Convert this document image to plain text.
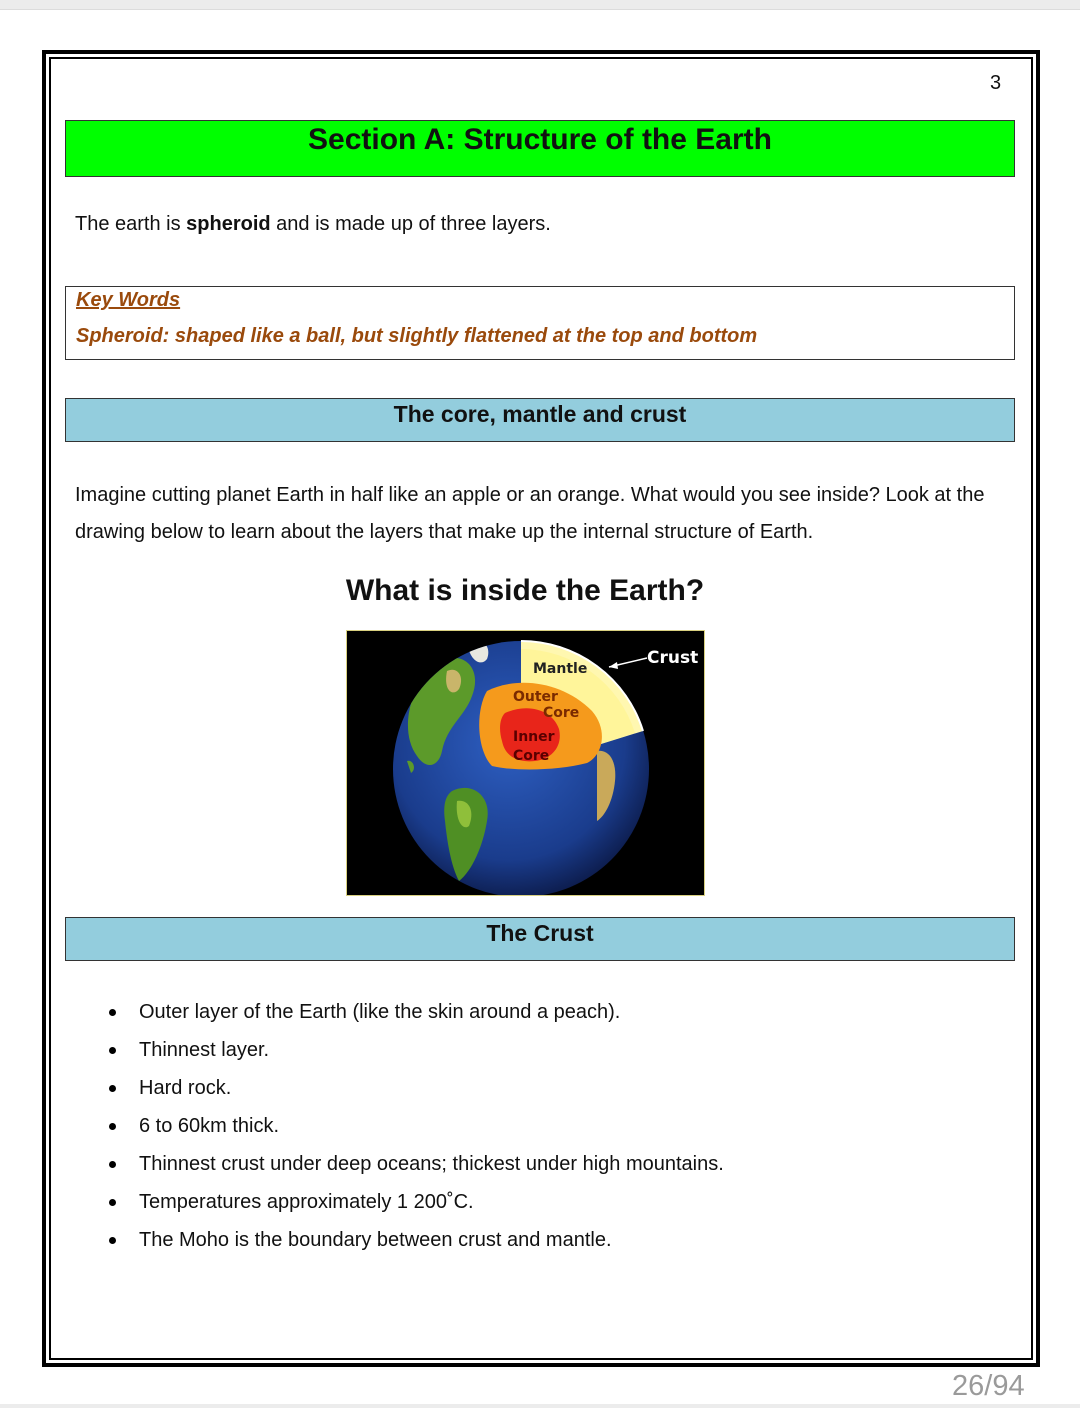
3
Section A: Structure of the Earth
The earth is spheroid and is made up of three layers.
Key Words
Spheroid: shaped like a ball, but slightly flattened at the top and bottom
The core, mantle and crust
Imagine cutting planet Earth in half like an apple or an orange. What would you see inside? Look at the drawing below to learn about the layers that make up the internal structure of Earth.
What is inside the Earth?
Crust
Mantle
Outer
Core
Inner
Core
The Crust
Outer layer of the Earth (like the skin around a peach).
Thinnest layer.
Hard rock.
6 to 60km thick.
Thinnest crust under deep oceans; thickest under high mountains.
Temperatures approximately 1 200˚C.
The Moho is the boundary between crust and mantle.
26/94
